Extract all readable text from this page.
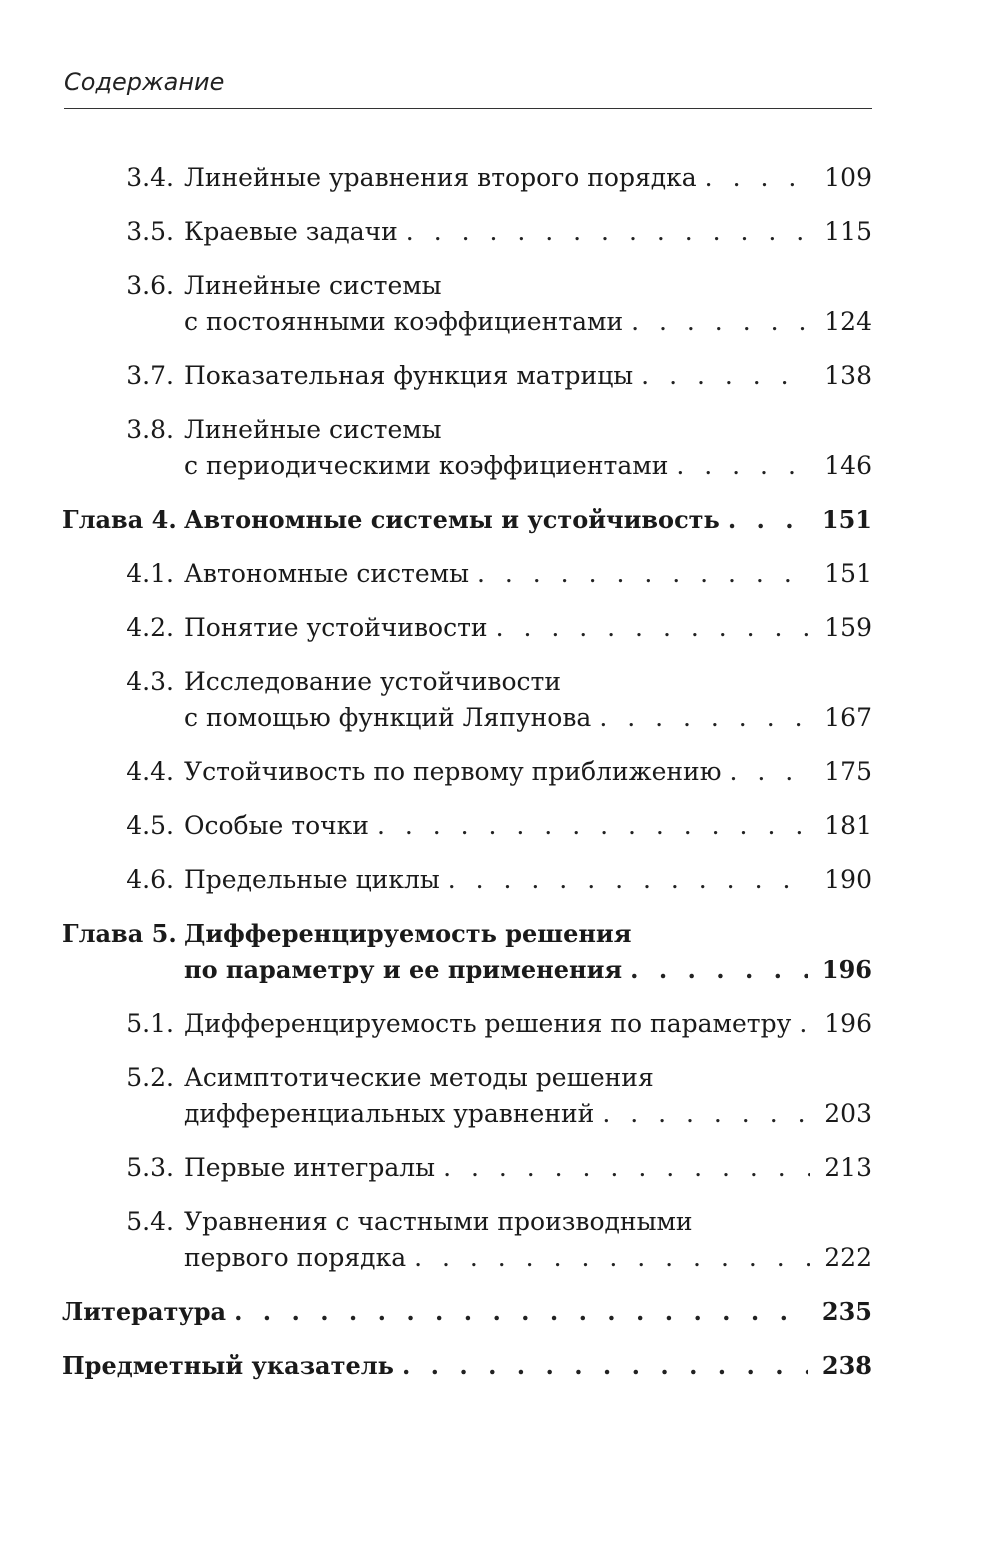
Содержание
3.4. Линейные уравнения второго порядка . . .	109
3.5. Краевые задачи . . .	115
3.6. Линейные системы
с постоянными коэффициентами . . .	124
3.7. Показательная функция матрицы . . .	138
3.8. Линейные системы
с периодическими коэффициентами . . .	146
Глава 4. Автономные системы и устойчивость . . .	151
4.1. Автономные системы . . .	151
4.2. Понятие устойчивости . . .	159
4.3. Исследование устойчивости
с помощью функций Ляпунова . . .	167
4.4. Устойчивость по первому приближению . . .	175
4.5. Особые точки . . .	181
4.6. Предельные циклы . . .	190
Глава 5. Дифференцируемость решения
по параметру и ее применения . . .	196
5.1. Дифференцируемость решения по параметру . . . 196
5.2. Асимптотические методы решения
дифференциальных уравнений . . .	203
5.3. Первые интегралы . . .	213
5.4. Уравнения с частными производными
первого порядка . . .	222
Литература . . .	235
Предметный указатель . . .	238
